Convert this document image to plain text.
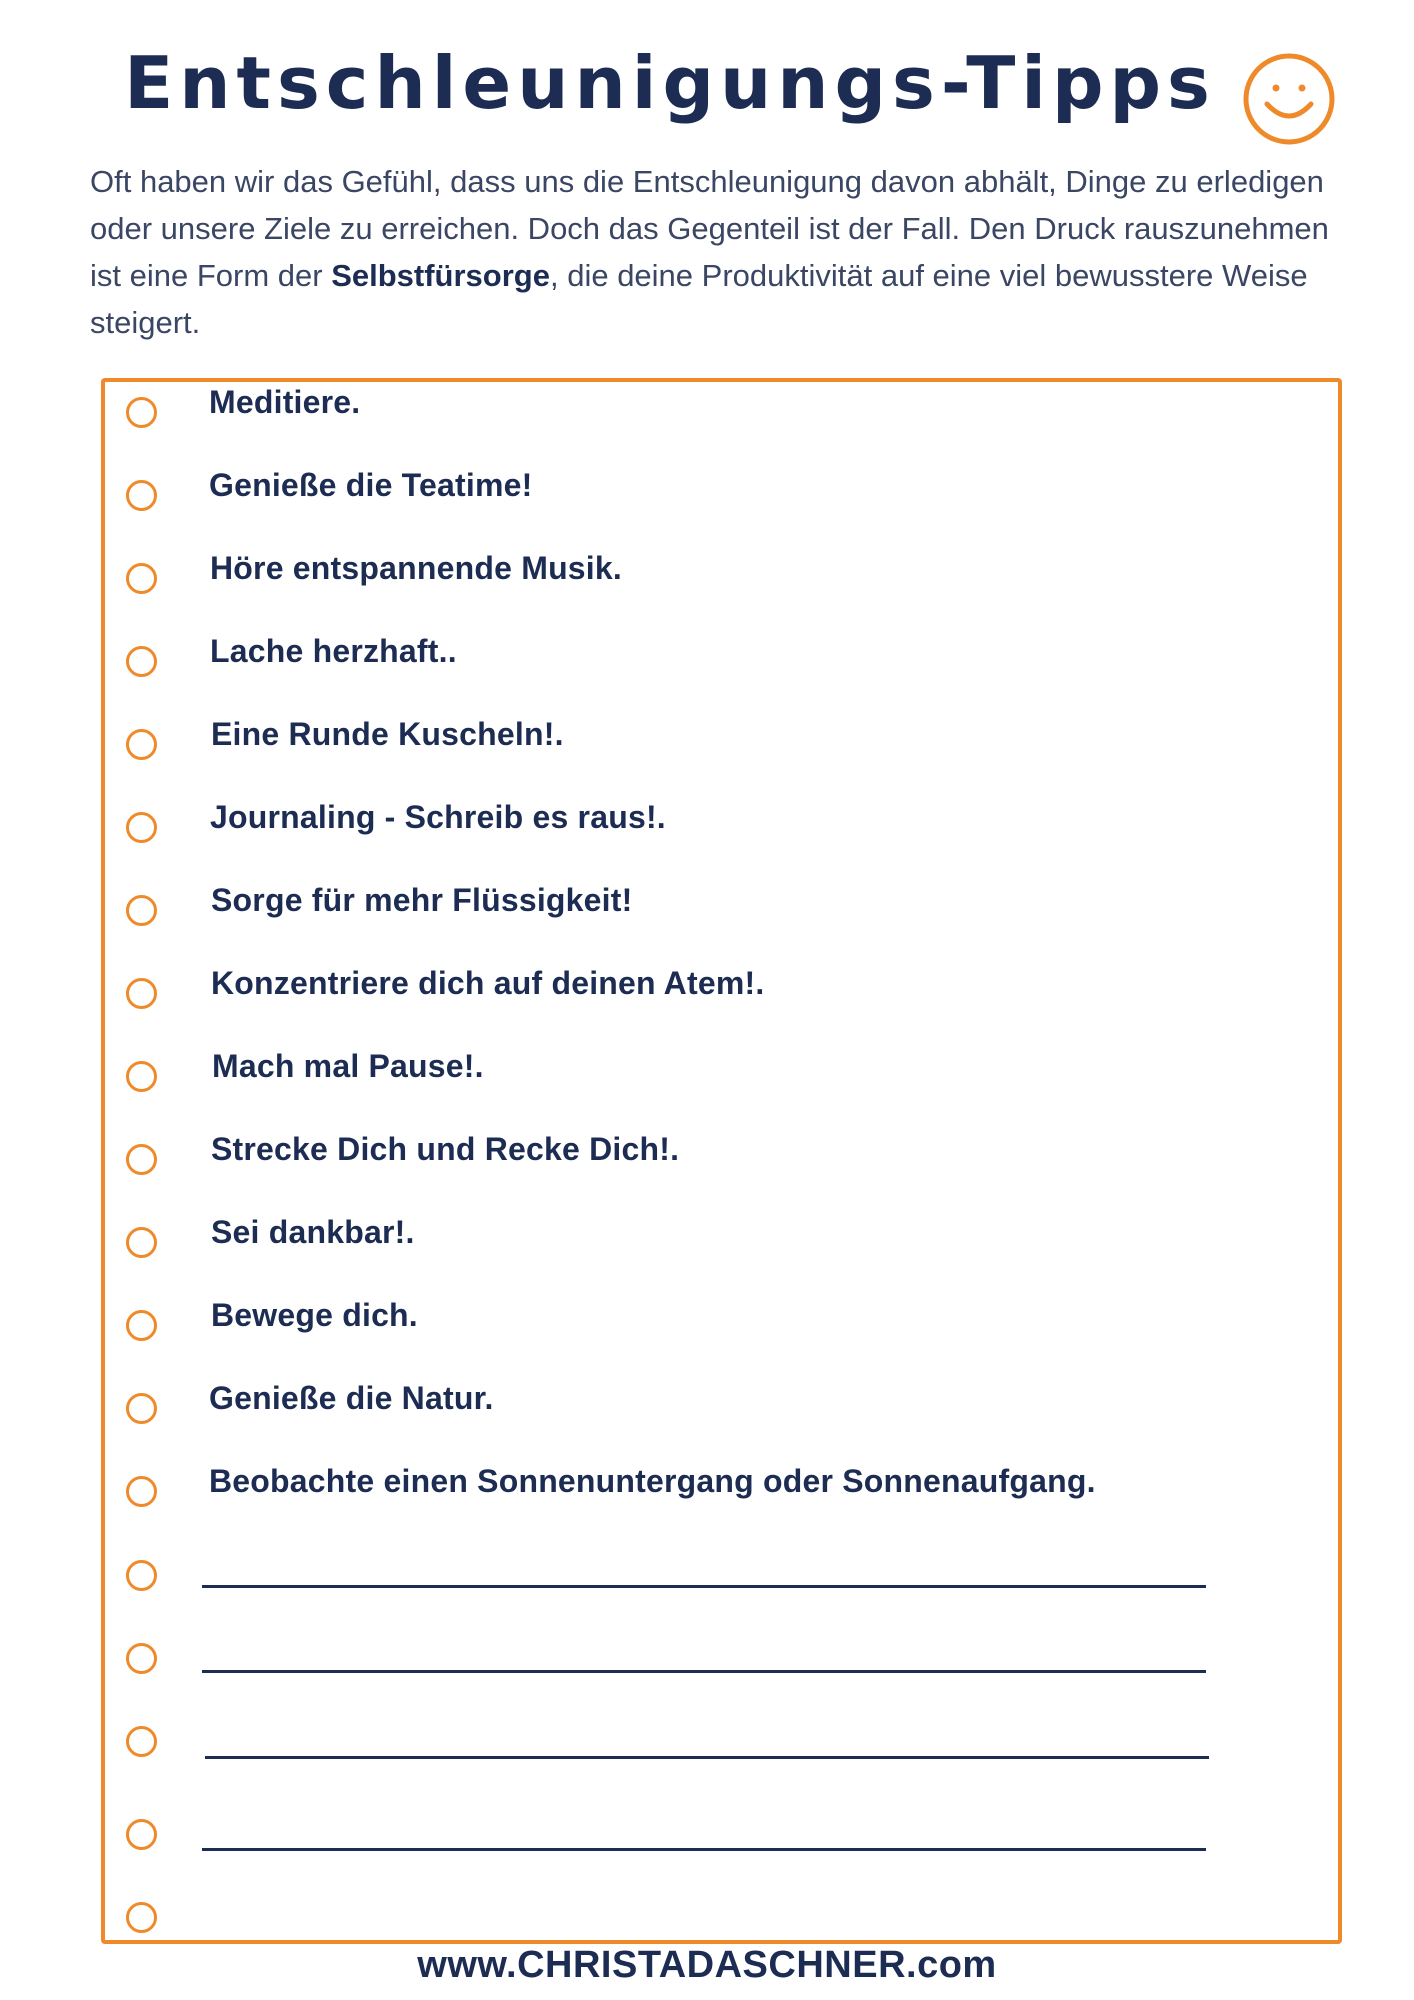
Entschleunigungs-Tipps

Oft haben wir das Gefühl, dass uns die Entschleunigung davon abhält, Dinge zu erledigen oder unsere Ziele zu erreichen. Doch das Gegenteil ist der Fall. Den Druck rauszunehmen ist eine Form der Selbstfürsorge, die deine Produktivität auf eine viel bewusstere Weise steigert.

Meditiere.
Genieße die Teatime!
Höre entspannende Musik.
Lache herzhaft..
Eine Runde Kuscheln!.
Journaling - Schreib es raus!.
Sorge für mehr Flüssigkeit!
Konzentriere dich auf deinen Atem!.
Mach mal Pause!.
Strecke Dich und Recke Dich!.
Sei dankbar!.
Bewege dich.
Genieße die Natur.
Beobachte einen Sonnenuntergang oder Sonnenaufgang.
www.CHRISTADASCHNER.com
